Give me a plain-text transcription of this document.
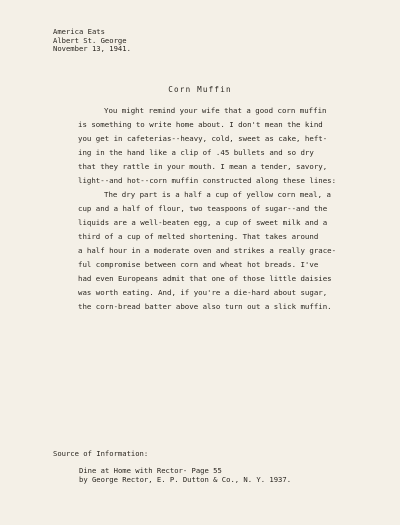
America Eats
Albert St. George
November 13, 1941.
Corn Muffin
You might remind your wife that a good corn muffin
is something to write home about. I don't mean the kind
you get in cafeterias--heavy, cold, sweet as cake, heft-
ing in the hand like a clip of .45 bullets and so dry
that they rattle in your mouth. I mean a tender, savory,
light--and hot--corn muffin constructed along these lines:
The dry part is a half a cup of yellow corn meal, a
cup and a half of flour, two teaspoons of sugar--and the
liquids are a well-beaten egg, a cup of sweet milk and a
third of a cup of melted shortening. That takes around
a half hour in a moderate oven and strikes a really grace-
ful compromise between corn and wheat hot breads. I've
had even Europeans admit that one of those little daisies
was worth eating. And, if you're a die-hard about sugar,
the corn-bread batter above also turn out a slick muffin.
Source of Information:
Dine at Home with Rector- Page 55
by George Rector, E. P. Dutton & Co., N. Y. 1937.
